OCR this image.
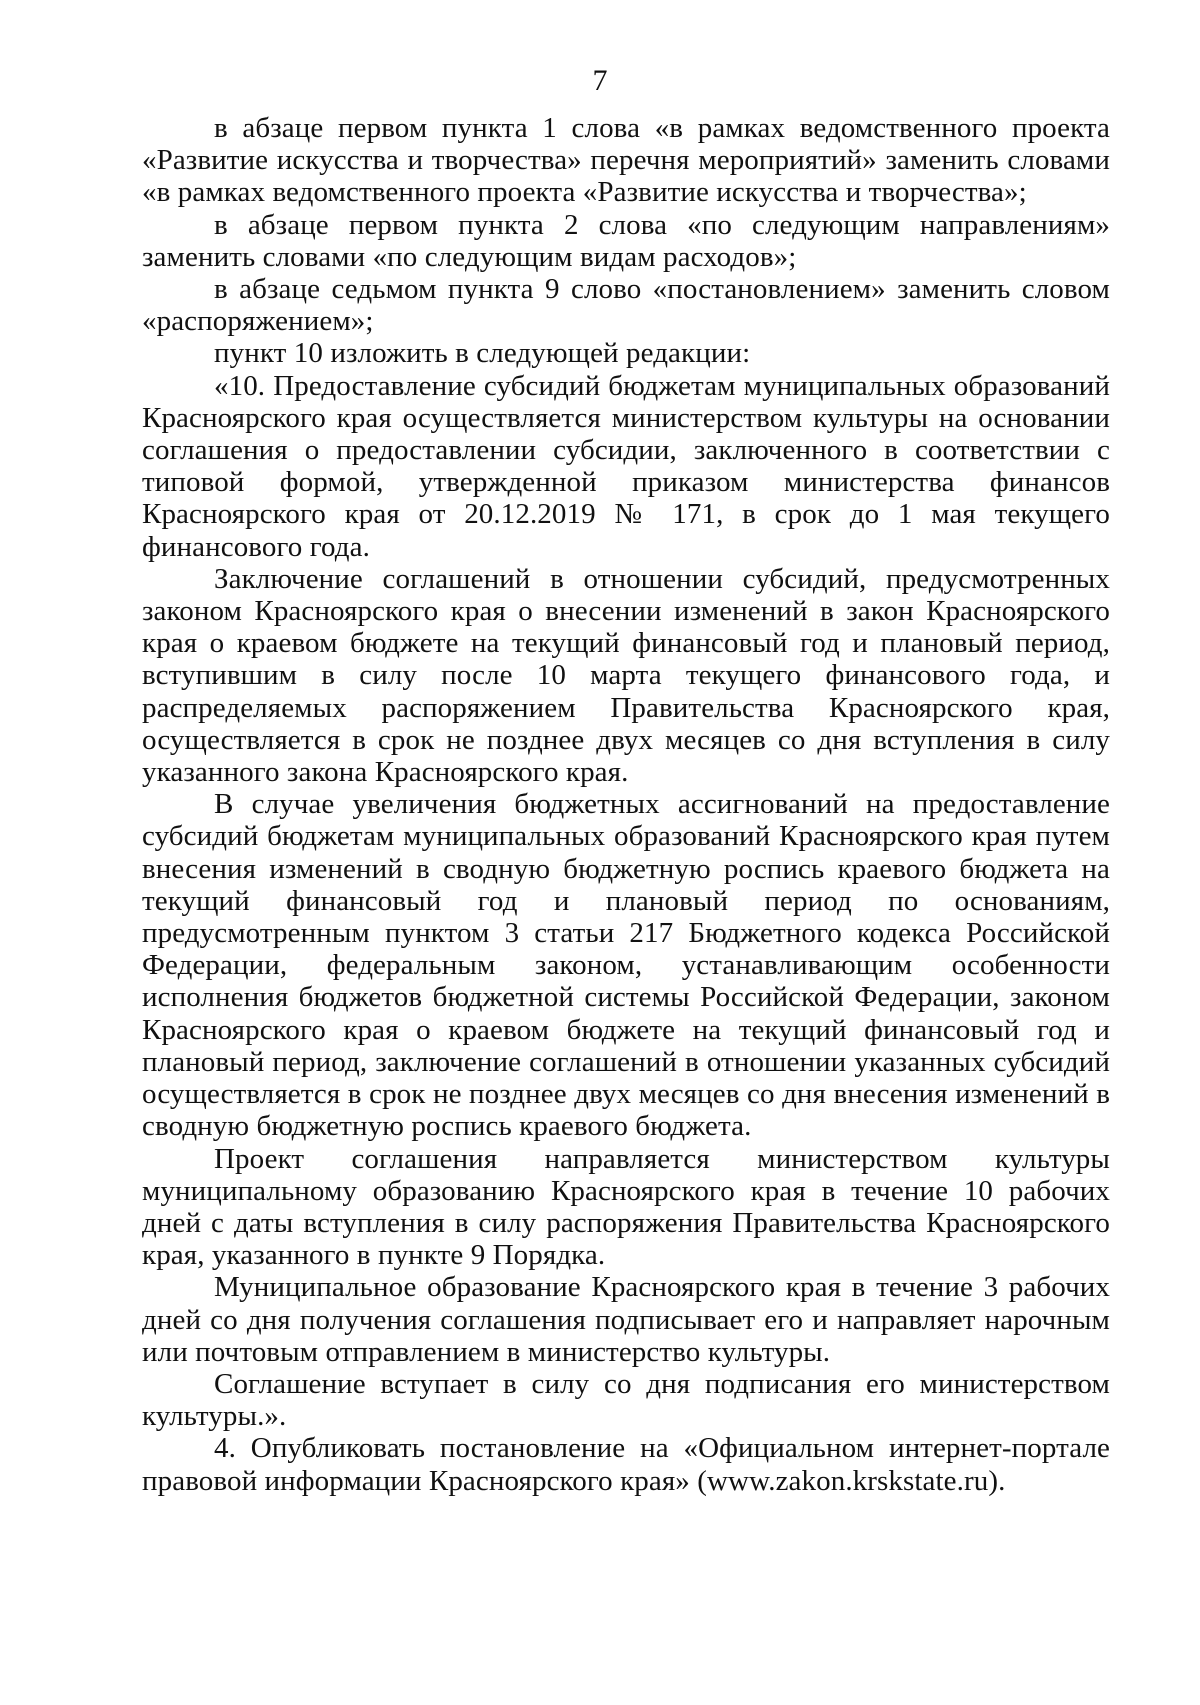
7

в абзаце первом пункта 1 слова «в рамках ведомственного проекта «Развитие искусства и творчества» перечня мероприятий» заменить словами «в рамках ведомственного проекта «Развитие искусства и творчества»;

в абзаце первом пункта 2 слова «по следующим направлениям» заменить словами «по следующим видам расходов»;

в абзаце седьмом пункта 9 слово «постановлением» заменить словом «распоряжением»;

пункт 10 изложить в следующей редакции:

«10. Предоставление субсидий бюджетам муниципальных образований Красноярского края осуществляется министерством культуры на основании соглашения о предоставлении субсидии, заключенного в соответствии с типовой формой, утвержденной приказом министерства финансов Красноярского края от 20.12.2019 № 171, в срок до 1 мая текущего финансового года.

Заключение соглашений в отношении субсидий, предусмотренных законом Красноярского края о внесении изменений в закон Красноярского края о краевом бюджете на текущий финансовый год и плановый период, вступившим в силу после 10 марта текущего финансового года, и распределяемых распоряжением Правительства Красноярского края, осуществляется в срок не позднее двух месяцев со дня вступления в силу указанного закона Красноярского края.

В случае увеличения бюджетных ассигнований на предоставление субсидий бюджетам муниципальных образований Красноярского края путем внесения изменений в сводную бюджетную роспись краевого бюджета на текущий финансовый год и плановый период по основаниям, предусмотренным пунктом 3 статьи 217 Бюджетного кодекса Российской Федерации, федеральным законом, устанавливающим особенности исполнения бюджетов бюджетной системы Российской Федерации, законом Красноярского края о краевом бюджете на текущий финансовый год и плановый период, заключение соглашений в отношении указанных субсидий осуществляется в срок не позднее двух месяцев со дня внесения изменений в сводную бюджетную роспись краевого бюджета.

Проект соглашения направляется министерством культуры муниципальному образованию Красноярского края в течение 10 рабочих дней с даты вступления в силу распоряжения Правительства Красноярского края, указанного в пункте 9 Порядка.

Муниципальное образование Красноярского края в течение 3 рабочих дней со дня получения соглашения подписывает его и направляет нарочным или почтовым отправлением в министерство культуры.

Соглашение вступает в силу со дня подписания его министерством культуры.».

4. Опубликовать постановление на «Официальном интернет-портале правовой информации Красноярского края» (www.zakon.krskstate.ru).
